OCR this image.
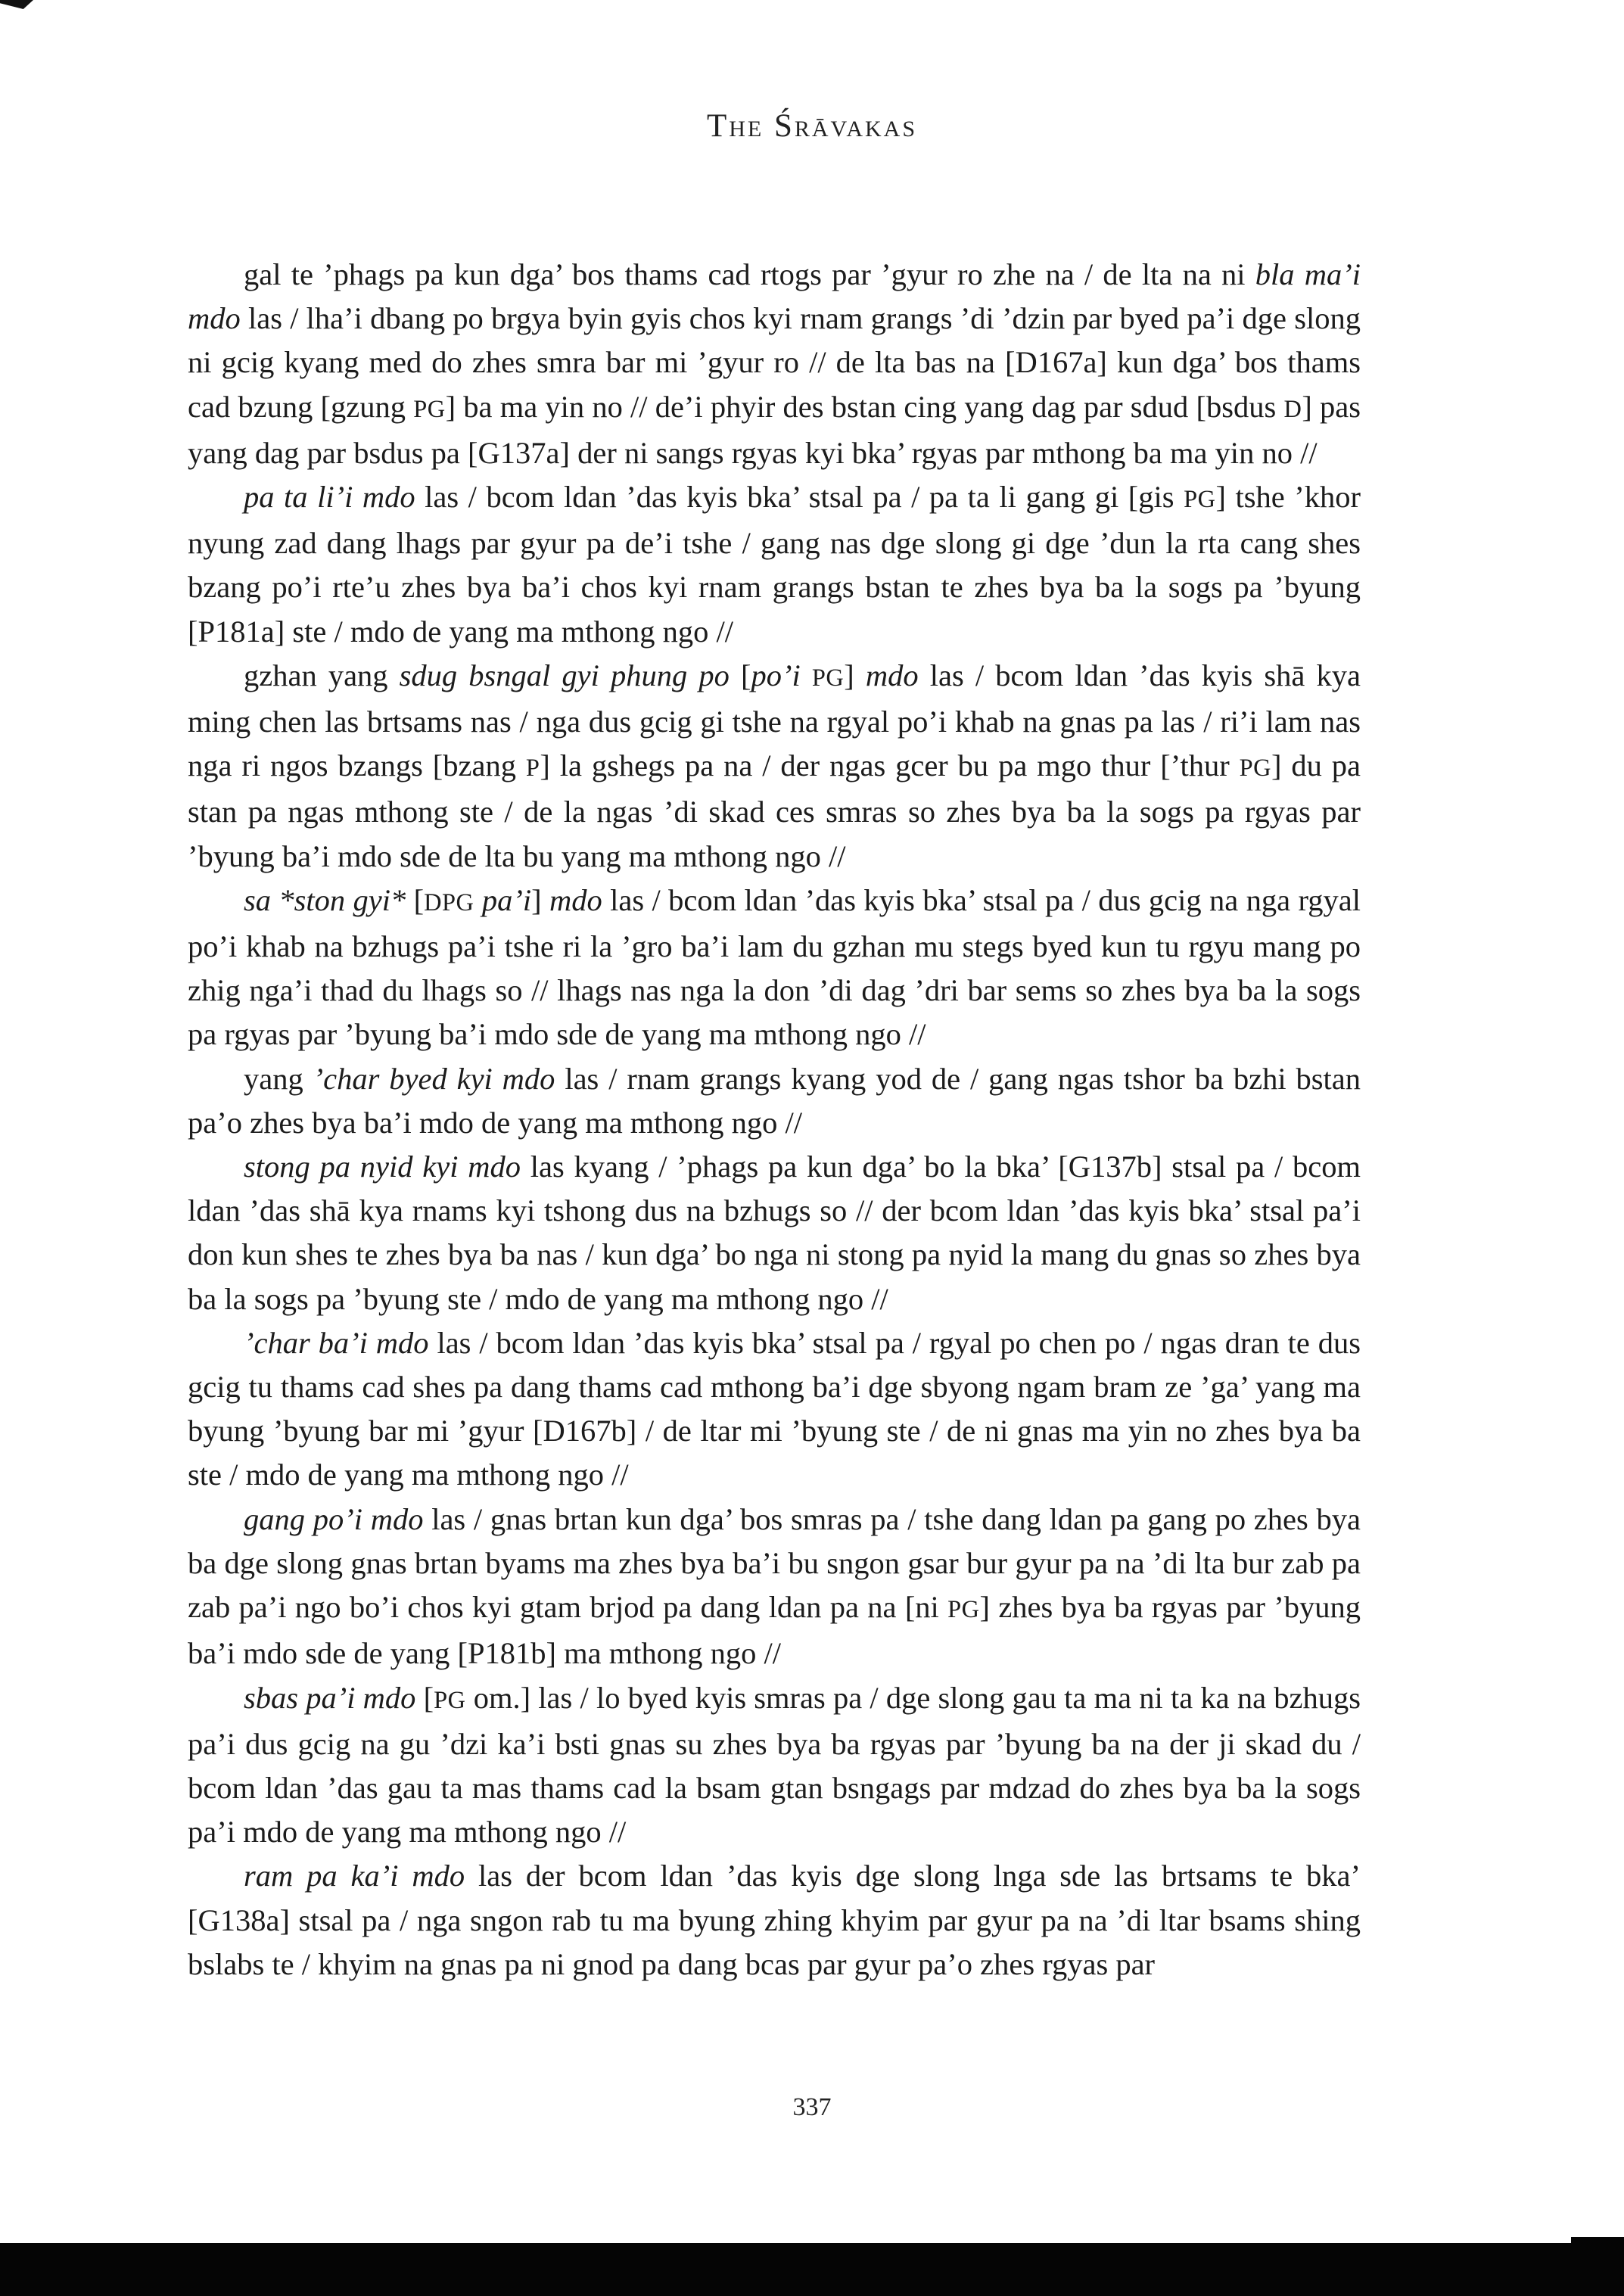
The Śrāvakas

gal te ’phags pa kun dga’ bos thams cad rtogs par ’gyur ro zhe na / de lta na ni bla ma’i mdo las / lha’i dbang po brgya byin gyis chos kyi rnam grangs ’di ’dzin par byed pa’i dge slong ni gcig kyang med do zhes smra bar mi ’gyur ro // de lta bas na [D167a] kun dga’ bos thams cad bzung [gzung PG] ba ma yin no // de’i phyir des bstan cing yang dag par sdud [bsdus D] pas yang dag par bsdus pa [G137a] der ni sangs rgyas kyi bka’ rgyas par mthong ba ma yin no //

pa ta li’i mdo las / bcom ldan ’das kyis bka’ stsal pa / pa ta li gang gi [gis PG] tshe ’khor nyung zad dang lhags par gyur pa de’i tshe / gang nas dge slong gi dge ’dun la rta cang shes bzang po’i rte’u zhes bya ba’i chos kyi rnam grangs bstan te zhes bya ba la sogs pa ’byung [P181a] ste / mdo de yang ma mthong ngo //

gzhan yang sdug bsngal gyi phung po [po’i PG] mdo las / bcom ldan ’das kyis shā kya ming chen las brtsams nas / nga dus gcig gi tshe na rgyal po’i khab na gnas pa las / ri’i lam nas nga ri ngos bzangs [bzang P] la gshegs pa na / der ngas gcer bu pa mgo thur [’thur PG] du pa stan pa ngas mthong ste / de la ngas ’di skad ces smras so zhes bya ba la sogs pa rgyas par ’byung ba’i mdo sde de lta bu yang ma mthong ngo //

sa *ston gyi* [DPG pa’i] mdo las / bcom ldan ’das kyis bka’ stsal pa / dus gcig na nga rgyal po’i khab na bzhugs pa’i tshe ri la ’gro ba’i lam du gzhan mu stegs byed kun tu rgyu mang po zhig nga’i thad du lhags so // lhags nas nga la don ’di dag ’dri bar sems so zhes bya ba la sogs pa rgyas par ’byung ba’i mdo sde de yang ma mthong ngo //

yang ’char byed kyi mdo las / rnam grangs kyang yod de / gang ngas tshor ba bzhi bstan pa’o zhes bya ba’i mdo de yang ma mthong ngo //

stong pa nyid kyi mdo las kyang / ’phags pa kun dga’ bo la bka’ [G137b] stsal pa / bcom ldan ’das shā kya rnams kyi tshong dus na bzhugs so // der bcom ldan ’das kyis bka’ stsal pa’i don kun shes te zhes bya ba nas / kun dga’ bo nga ni stong pa nyid la mang du gnas so zhes bya ba la sogs pa ’byung ste / mdo de yang ma mthong ngo //

’char ba’i mdo las / bcom ldan ’das kyis bka’ stsal pa / rgyal po chen po / ngas dran te dus gcig tu thams cad shes pa dang thams cad mthong ba’i dge sbyong ngam bram ze ’ga’ yang ma byung ’byung bar mi ’gyur [D167b] / de ltar mi ’byung ste / de ni gnas ma yin no zhes bya ba ste / mdo de yang ma mthong ngo //

gang po’i mdo las / gnas brtan kun dga’ bos smras pa / tshe dang ldan pa gang po zhes bya ba dge slong gnas brtan byams ma zhes bya ba’i bu sngon gsar bur gyur pa na ’di lta bur zab pa zab pa’i ngo bo’i chos kyi gtam brjod pa dang ldan pa na [ni PG] zhes bya ba rgyas par ’byung ba’i mdo sde de yang [P181b] ma mthong ngo //

sbas pa’i mdo [PG om.] las / lo byed kyis smras pa / dge slong gau ta ma ni ta ka na bzhugs pa’i dus gcig na gu ’dzi ka’i bsti gnas su zhes bya ba rgyas par ’byung ba na der ji skad du / bcom ldan ’das gau ta mas thams cad la bsam gtan bsngags par mdzad do zhes bya ba la sogs pa’i mdo de yang ma mthong ngo //

ram pa ka’i mdo las der bcom ldan ’das kyis dge slong lnga sde las brtsams te bka’ [G138a] stsal pa / nga sngon rab tu ma byung zhing khyim par gyur pa na ’di ltar bsams shing bslabs te / khyim na gnas pa ni gnod pa dang bcas par gyur pa’o zhes rgyas par

337
